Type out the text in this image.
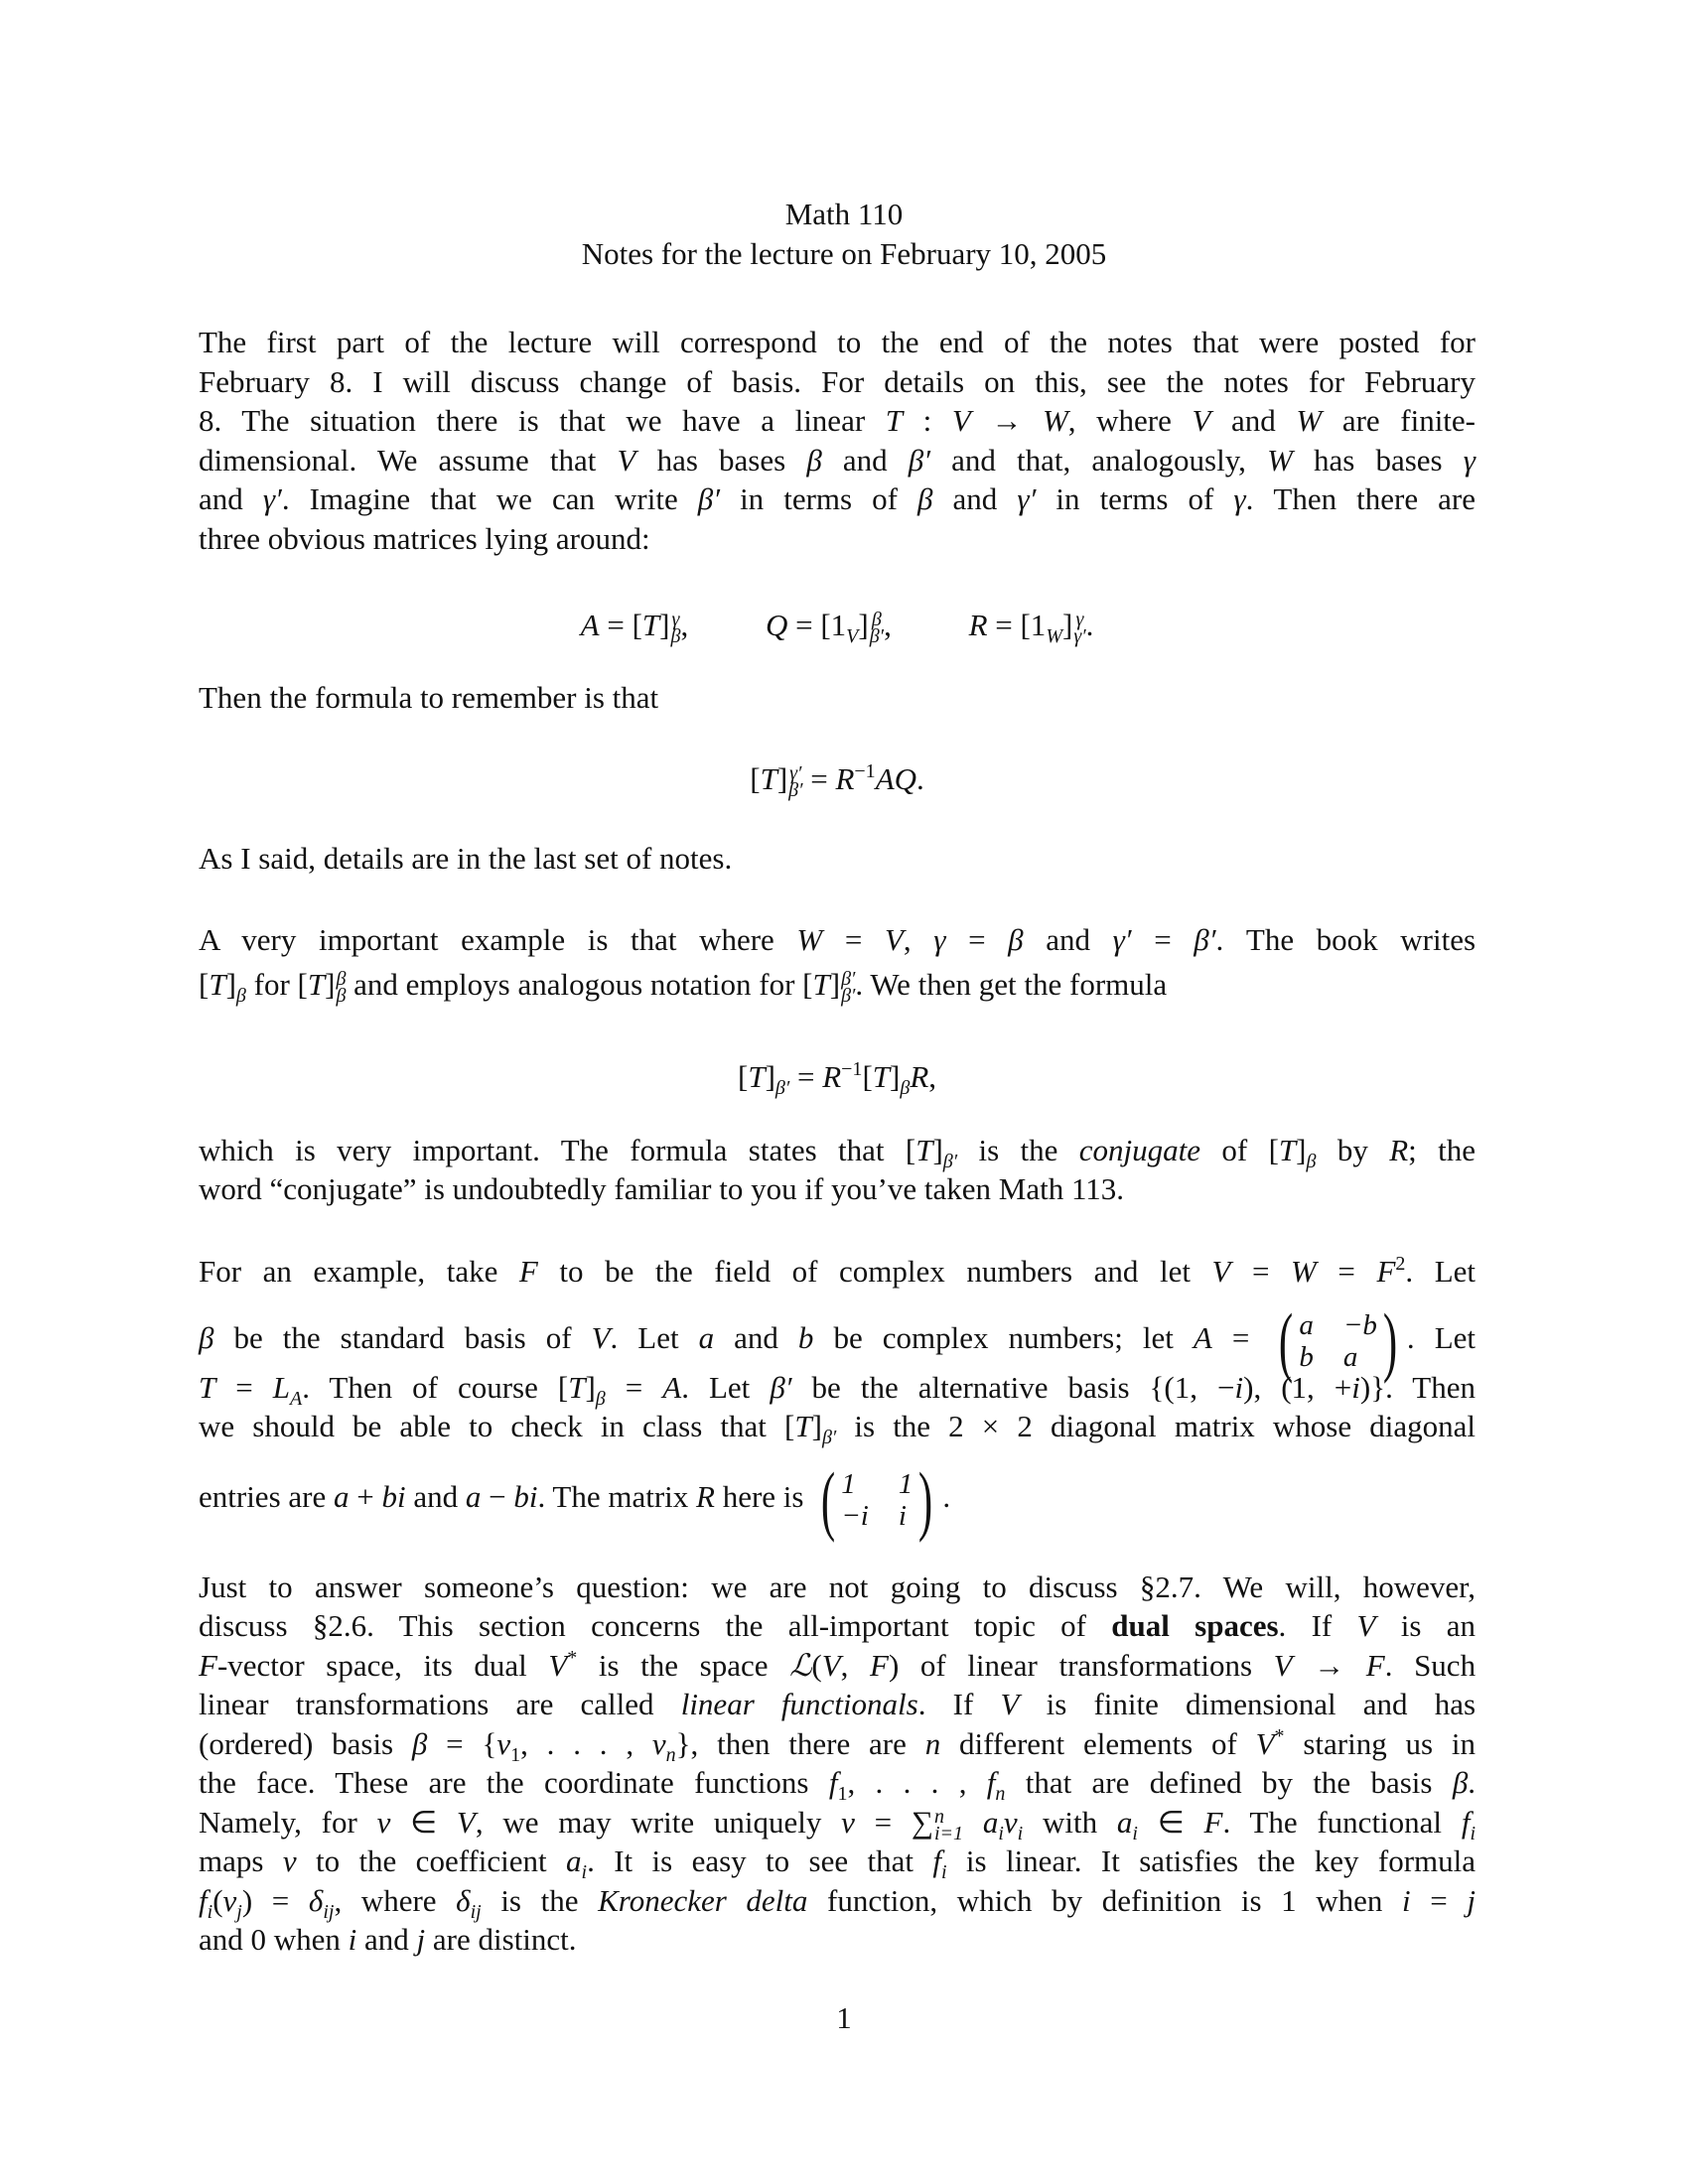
Math 110
Notes for the lecture on February 10, 2005
The first part of the lecture will correspond to the end of the notes that were posted for
February 8. I will discuss change of basis. For details on this, see the notes for February
8. The situation there is that we have a linear T : V → W, where V and W are finite-
dimensional. We assume that V has bases β and β′ and that, analogously, W has bases γ
and γ′. Imagine that we can write β′ in terms of β and γ′ in terms of γ. Then there are
three obvious matrices lying around:
A = [T] γ
β ,	$Q = [1_V]$ β
β′ ,	$R = [1_W]$ γ
γ′ .
Then the formula to remember is that
[T] γ′
$\beta' = R^{-1}AQ$.
As I said, details are in the last set of notes.
A very important example is that where W = V, γ = β and γ′ = β′. The book writes
$[T]_\beta$ for [T] β
β and employs analogous notation for [T] β′
β′ . We then get the formula
$[T]_{\beta'} = R^{-1}[T]_\beta R$,
which is very important. The formula states that $[T]_{\beta'}$ is the conjugate of $[T]_\beta$ by R; the
word “conjugate” is undoubtedly familiar to you if you’ve taken Math 113.
For an example, take F to be the field of complex numbers and let $V = W = F^2$. Let
β be the standard basis of V. Let a and b be complex numbers; let A = ( a −b
b a ) . Let
$T = L_A$. Then of course $[T]_\beta = A$. Let β′ be the alternative basis {(1, −i), (1, +i)}. Then
we should be able to check in class that $[T]_{\beta'}$ is the 2 × 2 diagonal matrix whose diagonal
entries are a + bi and a − bi. The matrix R here is ( 1	1
−i i ) .
Just to answer someone’s question: we are not going to discuss §2.7. We will, however,
discuss §2.6. This section concerns the all-important topic of dual spaces. If V is an
F-vector space, its dual V* is the space ℒ(V, F) of linear transformations V → F. Such
linear transformations are called linear functionals. If V is finite dimensional and has
(ordered) basis $\beta = \{v_1$, . . . , $v_n$}, then there are n different elements of V* staring us in
the face. These are the coordinate functions $f_1$, . . . , $f_n$ that are defined by the basis β.
Namely, for v ∈ V, we may write uniquely v = ∑ n
i=1 $a_iv_i$ with $a_i$ ∈ F. The functional $f_i$
maps v to the coefficient $a_i$. It is easy to see that $f_i$ is linear. It satisfies the key formula
$f_i(v_j) = \delta_{ij}$, where $\delta_{ij}$ is the Kronecker delta function, which by definition is 1 when i = j
and 0 when i and j are distinct.
1
